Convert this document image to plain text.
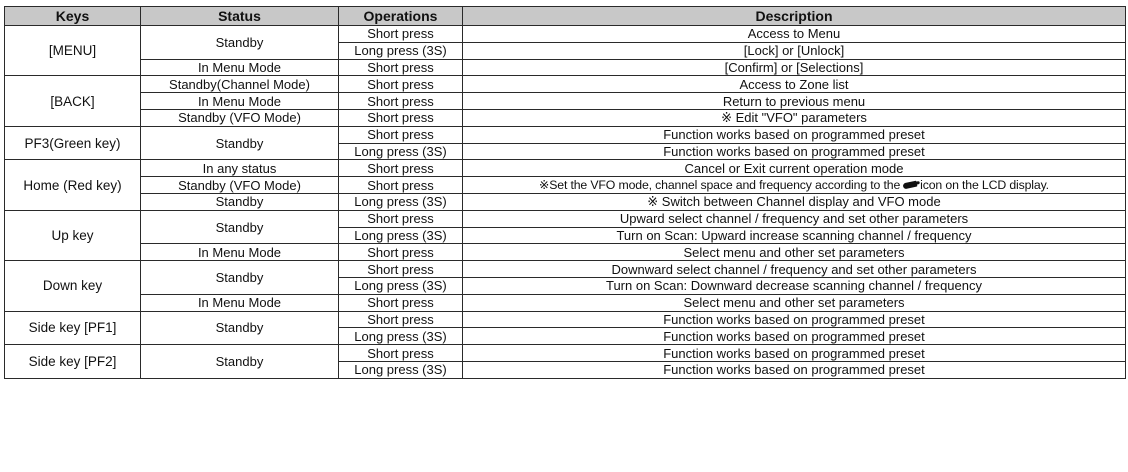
Keys	Status	Operations	Description
[MENU]	Standby	Short press	Access to Menu
		Long press (3S)	[Lock] or [Unlock]
	In Menu Mode	Short press	[Confirm] or [Selections]
[BACK]	Standby(Channel Mode)	Short press	Access to Zone list
	In Menu Mode	Short press	Return to previous menu
	Standby (VFO Mode)	Short press	※ Edit "VFO" parameters
PF3(Green key)	Standby	Short press	Function works based on programmed preset
		Long press (3S)	Function works based on programmed preset
Home (Red key)	In any status	Short press	Cancel or Exit current operation mode
	Standby (VFO Mode)	Short press	※Set the VFO mode, channel space and frequency according to the icon on the LCD display.
	Standby	Long press (3S)	※ Switch between Channel display and VFO mode
Up key	Standby	Short press	Upward select channel / frequency and set other parameters
		Long press (3S)	Turn on Scan: Upward increase scanning channel / frequency
	In Menu Mode	Short press	Select menu and other set parameters
Down key	Standby	Short press	Downward select channel / frequency and set other parameters
		Long press (3S)	Turn on Scan: Downward decrease scanning channel / frequency
	In Menu Mode	Short press	Select menu and other set parameters
Side key [PF1]	Standby	Short press	Function works based on programmed preset
		Long press (3S)	Function works based on programmed preset
Side key [PF2]	Standby	Short press	Function works based on programmed preset
		Long press (3S)	Function works based on programmed preset
